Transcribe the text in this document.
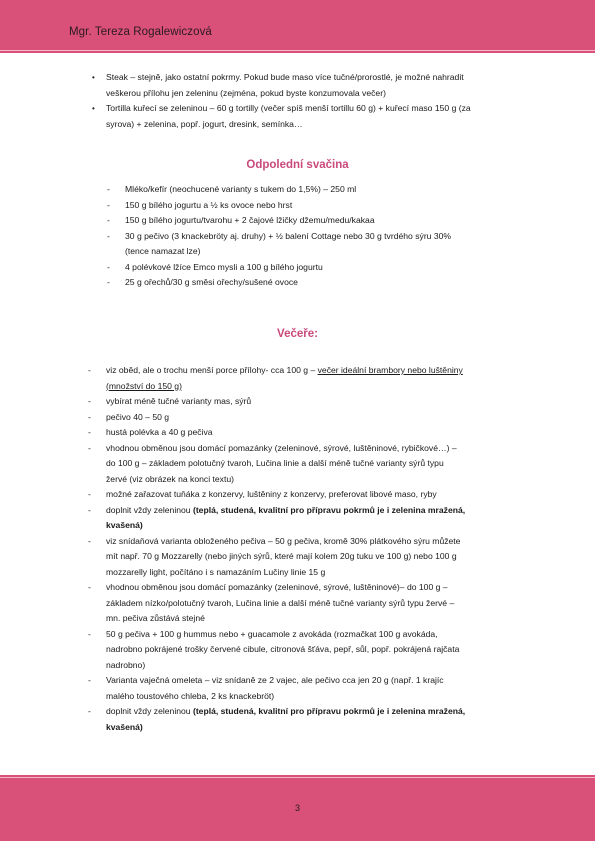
Mgr. Tereza Rogalewiczová
• Steak – stejně, jako ostatní pokrmy. Pokud bude maso více tučné/prorostlé, je možné nahradit
veškerou přílohu jen zeleninu (zejména, pokud byste konzumovala večer)
• Tortilla kuřecí se zeleninou – 60 g tortilly (večer spíš menší tortillu 60 g) + kuřecí maso 150 g (za
syrova) + zelenina, popř. jogurt, dresink, semínka…
Odpolední svačina
- Mléko/kefír (neochucené varianty s tukem do 1,5%) – 250 ml
- 150 g bílého jogurtu a ½ ks ovoce nebo hrst
- 150 g bílého jogurtu/tvarohu + 2 čajové lžičky džemu/medu/kakaa
- 30 g pečivo (3 knackebröty aj. druhy) + ½ balení Cottage nebo 30 g tvrdého sýru 30%
(tence namazat lze)
- 4 polévkové lžíce Emco mysli a 100 g bílého jogurtu
- 25 g ořechů/30 g směsi ořechy/sušené ovoce
Večeře:
- viz oběd, ale o trochu menší porce přílohy- cca 100 g – večer ideální brambory nebo luštěniny
(množství do 150 g)
- vybírat méně tučné varianty mas, sýrů
- pečivo 40 – 50 g
- hustá polévka a 40 g pečiva
- vhodnou obměnou jsou domácí pomazánky (zeleninové, sýrové, luštěninové, rybičkové…) –
do 100 g – základem polotučný tvaroh, Lučina linie a další méně tučné varianty sýrů typu
žervé (viz obrázek na konci textu)
- možné zařazovat tuňáka z konzervy, luštěniny z konzervy, preferovat libové maso, ryby
- doplnit vždy zeleninou (teplá, studená, kvalitní pro přípravu pokrmů je i zelenina mražená,
kvašená)
- viz snídaňová varianta obloženého pečiva – 50 g pečiva, kromě 30% plátkového sýru můžete
mít např. 70 g Mozzarelly (nebo jiných sýrů, které mají kolem 20g tuku ve 100 g) nebo 100 g
mozzarelly light, počítáno i s namazáním Lučiny linie 15 g
- vhodnou obměnou jsou domácí pomazánky (zeleninové, sýrové, luštěninové)– do 100 g –
základem nízko/polotučný tvaroh, Lučina linie a další méně tučné varianty sýrů typu žervé –
mn. pečiva zůstává stejné
- 50 g pečiva + 100 g hummus nebo + guacamole z avokáda (rozmačkat 100 g avokáda,
nadrobno pokrájené trošky červené cibule, citronová šťáva, pepř, sůl, popř. pokrájená rajčata
nadrobno)
- Varianta vaječná omeleta – viz snídaně ze 2 vajec, ale pečivo cca jen 20 g (např. 1 krajíc
malého toustového chleba, 2 ks knackebröt)
- doplnit vždy zeleninou (teplá, studená, kvalitní pro přípravu pokrmů je i zelenina mražená,
kvašená)
3
